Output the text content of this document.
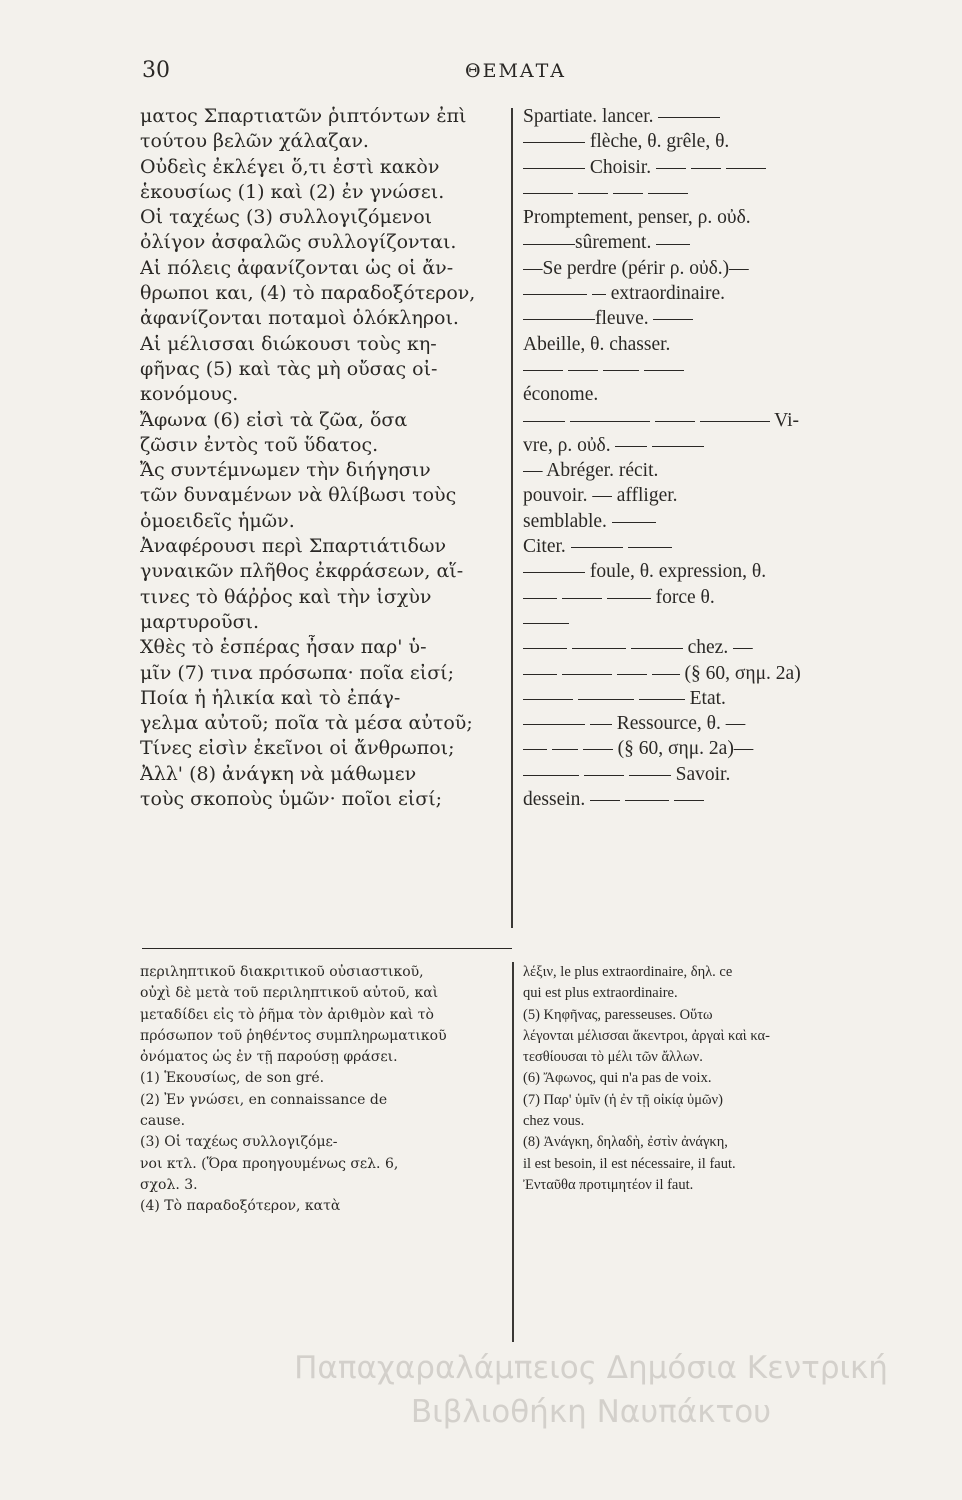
30	ΘΕΜΑΤΑ
ματος Σπαρτιατῶν ῥιπτόντων ἐπὶ
τούτου βελῶν χάλαζαν.
Οὐδεὶς ἐκλέγει ὅ,τι ἐστὶ κακὸν
ἑκουσίως (1) καὶ (2) ἐν γνώσει.
Οἱ ταχέως (3) συλλογιζόμενοι
ὀλίγον ἀσφαλῶς συλλογίζονται.
Αἱ πόλεις ἀφανίζονται ὡς οἱ ἄν-
θρωποι και, (4) τὸ παραδοξότερον,
ἀφανίζονται ποταμοὶ ὁλόκληροι.
Αἱ μέλισσαι διώκουσι τοὺς κη-
φῆνας (5) καὶ τὰς μὴ οὔσας οἰ-
κονόμους.
Ἄφωνα (6) εἰσὶ τὰ ζῶα, ὅσα
ζῶσιν ἐντὸς τοῦ ὕδατος.
Ἄς συντέμνωμεν τὴν διήγησιν
τῶν δυναμένων νὰ θλίβωσι τοὺς
ὁμοειδεῖς ἡμῶν.
Ἀναφέρουσι περὶ Σπαρτιάτιδων
γυναικῶν πλῆθος ἐκφράσεων, αἵ-
τινες τὸ θάῤῥος καὶ τὴν ἰσχὺν
μαρτυροῦσι.
Χθὲς τὸ ἑσπέρας ἦσαν παρ' ὑ-
μῖν (7) τινα πρόσωπα· ποῖα εἰσί;
Ποία ἡ ἡλικία καὶ τὸ ἐπάγ-
γελμα αὐτοῦ; ποῖα τὰ μέσα αὐτοῦ;
Τίνες εἰσὶν ἐκεῖνοι οἱ ἄνθρωποι;
Ἀλλ' (8) ἀνάγκη νὰ μάθωμεν
τοὺς σκοποὺς ὑμῶν· ποῖοι εἰσί;
Spartiate. lancer.
flèche, θ. grêle, θ.
Choisir.

Promptement, penser, ρ. οὐδ.
sûrement.
—Se perdre (périr ρ. οὐδ.)—
extraordinaire.
fleuve.
Abeille, θ. chasser.

économe.
Vi-
vre, ρ. οὐδ.
— Abréger. récit.
pouvoir. — affliger.
semblable.
Citer.
foule, θ. expression, θ.
force θ.
chez. —
(§ 60, σημ. 2a)
Etat.
Ressource, θ. —
(§ 60, σημ. 2a)—
Savoir.
dessein.
περιληπτικοῦ διακριτικοῦ οὐσιαστικοῦ,
οὐχὶ δὲ μετὰ τοῦ περιληπτικοῦ αὐτοῦ, καὶ
μεταδίδει εἰς τὸ ῥῆμα τὸν ἀριθμὸν καὶ τὸ
πρόσωπον τοῦ ῥηθέντος συμπληρωματικοῦ
ὀνόματος ὡς ἐν τῇ παρούσῃ φράσει.
(1) Ἑκουσίως, de son gré.
(2) Ἐν γνώσει, en connaissance de
cause.
(3) Οἱ ταχέως συλλογιζόμε-
νοι κτλ. (Ὅρα προηγουμένως σελ. 6,
σχολ. 3.
(4) Τὸ παραδοξότερον, κατὰ
λέξιν, le plus extraordinaire, δηλ. ce
qui est plus extraordinaire.
(5) Κηφῆνας, paresseuses. Οὕτω
λέγονται μέλισσαι ἄκεντροι, ἀργαὶ καὶ κα-
τεσθίουσαι τὸ μέλι τῶν ἄλλων.
(6) Ἄφωνος, qui n'a pas de voix.
(7) Παρ' ὑμῖν (ἡ ἐν τῇ οἰκίᾳ ὑμῶν)
chez vous.
(8) Ἀνάγκη, δηλαδὴ, ἐστὶν ἀνάγκη,
il est besoin, il est nécessaire, il faut.
Ἐνταῦθα προτιμητέον il faut.
Παπαχαραλάμπειος Δημόσια Κεντρική
Βιβλιοθήκη Ναυπάκτου
